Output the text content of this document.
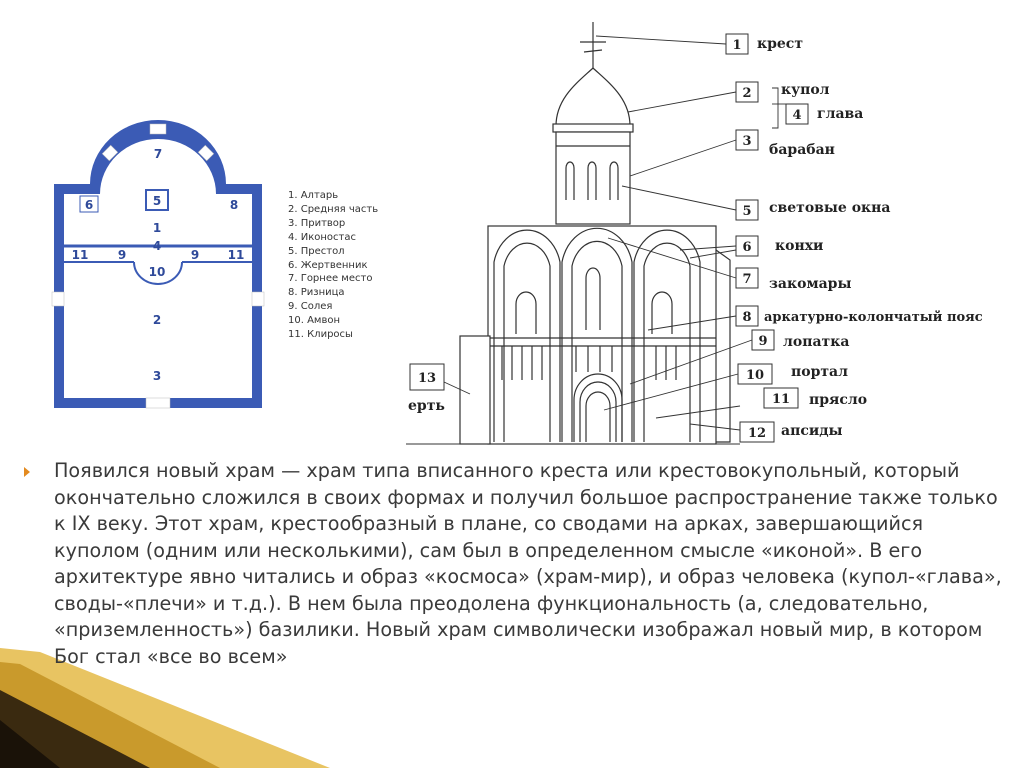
7
5
1
4
6	8
11	11
9	9
10
2
3
1
2
3
4
5
6
7
8
9
10
11
12
13
1. Алтарь
2. Средняя часть
3. Притвор
4. Иконостас
5. Престол
6. Жертвенник
7. Горнее место
8. Ризница
9. Солея
10. Амвон
11. Клиросы
крест
купол
глава
барабан
световые окна
конхи
закомары
аркатурно-колончатый пояс
лопатка
портал
прясло
апсиды
ерть

Появился новый храм — храм типа вписанного креста или крестовокупольный, который окончательно сложился в своих формах и получил большое распространение также только к IX веку. Этот храм, крестообразный в плане, со сводами на арках, завершающийся куполом (одним или несколькими), сам был в определенном смысле «иконой». В его архитектуре явно читались и образ «космоса» (храм-мир), и образ человека (купол-«глава», своды-«плечи» и т.д.). В нем была преодолена функциональность (а, следовательно, «приземленность») базилики. Новый храм символически изображал новый мир, в котором Бог стал «все во всем»
